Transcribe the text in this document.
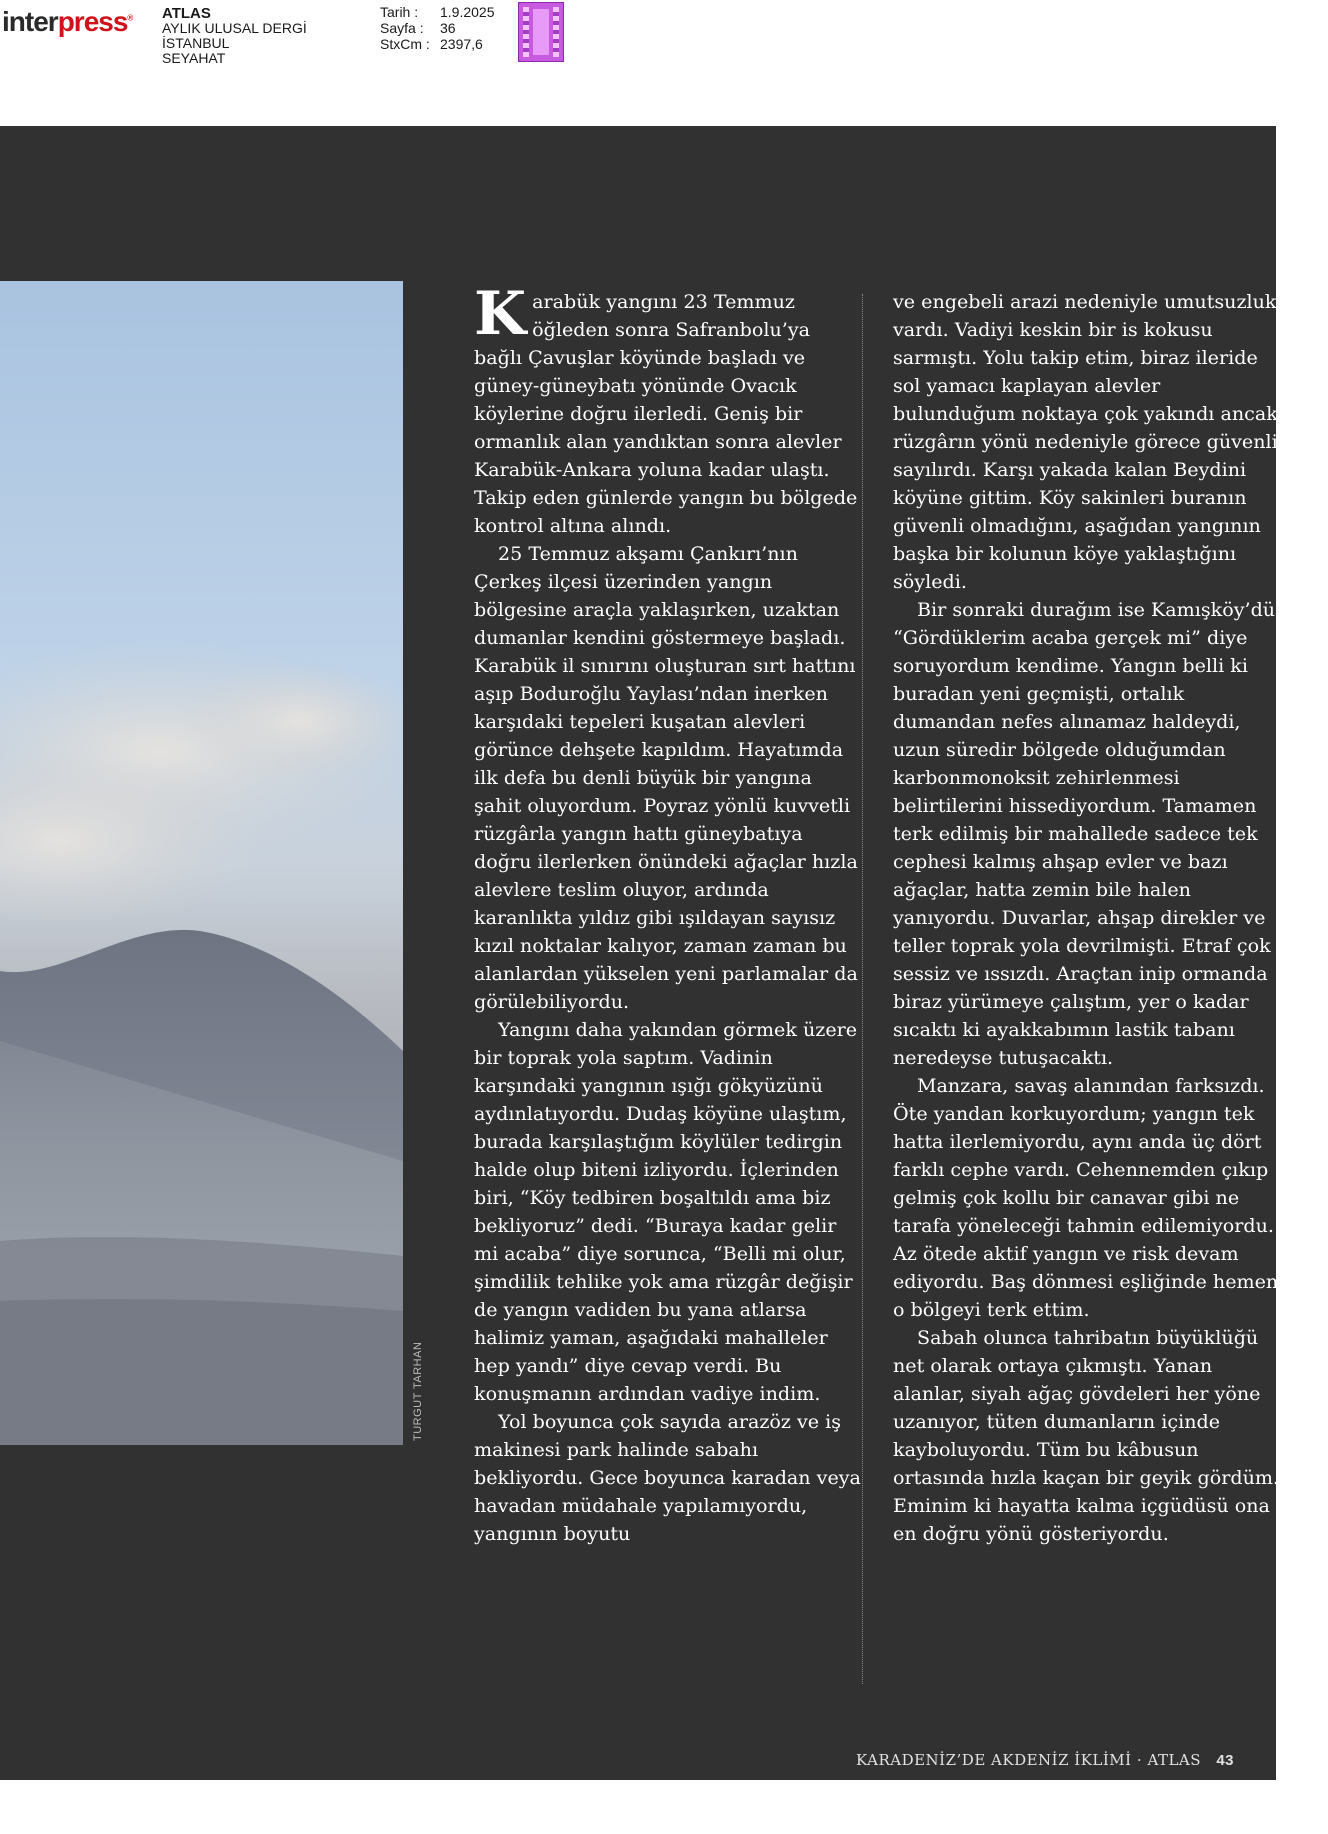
interpress® ATLAS
AYLIK ULUSAL DERGİ
İSTANBUL
SEYAHAT
Tarih :	1.9.2025
Sayfa :	36
StxCm : 2397,6
TURGUT TARHAN

Karabük yangını 23 Temmuz öğleden sonra Safranbolu’ya bağlı Çavuşlar köyünde başladı ve güney-güneybatı yönünde Ovacık köylerine doğru ilerledi. Geniş bir ormanlık alan yandıktan sonra alevler Karabük-Ankara yoluna kadar ulaştı. Takip eden günlerde yangın bu bölgede kontrol altına alındı.

25 Temmuz akşamı Çankırı’nın Çerkeş ilçesi üzerinden yangın bölgesine araçla yaklaşırken, uzaktan dumanlar kendini göstermeye başladı. Karabük il sınırını oluşturan sırt hattını aşıp Boduroğlu Yaylası’ndan inerken karşıdaki tepeleri kuşatan alevleri görünce dehşete kapıldım. Hayatımda ilk defa bu denli büyük bir yangına şahit oluyordum. Poyraz yönlü kuvvetli rüzgârla yangın hattı güneybatıya doğru ilerlerken önündeki ağaçlar hızla alevlere teslim oluyor, ardında karanlıkta yıldız gibi ışıldayan sayısız kızıl noktalar kalıyor, zaman zaman bu alanlardan yükselen yeni parlamalar da görülebiliyordu.

Yangını daha yakından görmek üzere bir toprak yola saptım. Vadinin karşındaki yangının ışığı gökyüzünü aydınlatıyordu. Dudaş köyüne ulaştım, burada karşılaştığım köylüler tedirgin halde olup biteni izliyordu. İçlerinden biri, “Köy tedbiren boşaltıldı ama biz bekliyoruz” dedi. “Buraya kadar gelir mi acaba” diye sorunca, “Belli mi olur, şimdilik tehlike yok ama rüzgâr değişir de yangın vadiden bu yana atlarsa halimiz yaman, aşağıdaki mahalleler hep yandı” diye cevap verdi. Bu konuşmanın ardından vadiye indim.

Yol boyunca çok sayıda arazöz ve iş makinesi park halinde sabahı bekliyordu. Gece boyunca karadan veya havadan müdahale yapılamıyordu, yangının boyutu

ve engebeli arazi nedeniyle umutsuzluk vardı. Vadiyi keskin bir is kokusu sarmıştı. Yolu takip etim, biraz ileride sol yamacı kaplayan alevler bulunduğum noktaya çok yakındı ancak rüzgârın yönü nedeniyle görece güvenli sayılırdı. Karşı yakada kalan Beydini köyüne gittim. Köy sakinleri buranın güvenli olmadığını, aşağıdan yangının başka bir kolunun köye yaklaştığını söyledi.

Bir sonraki durağım ise Kamışköy’dü. “Gördüklerim acaba gerçek mi” diye soruyordum kendime. Yangın belli ki buradan yeni geçmişti, ortalık dumandan nefes alınamaz haldeydi, uzun süredir bölgede olduğumdan karbonmonoksit zehirlenmesi belirtilerini hissediyordum. Tamamen terk edilmiş bir mahallede sadece tek cephesi kalmış ahşap evler ve bazı ağaçlar, hatta zemin bile halen yanıyordu. Duvarlar, ahşap direkler ve teller toprak yola devrilmişti. Etraf çok sessiz ve ıssızdı. Araçtan inip ormanda biraz yürümeye çalıştım, yer o kadar sıcaktı ki ayakkabımın lastik tabanı neredeyse tutuşacaktı.

Manzara, savaş alanından farksızdı. Öte yandan korkuyordum; yangın tek hatta ilerlemiyordu, aynı anda üç dört farklı cephe vardı. Cehennemden çıkıp gelmiş çok kollu bir canavar gibi ne tarafa yöneleceği tahmin edilemiyordu. Az ötede aktif yangın ve risk devam ediyordu. Baş dönmesi eşliğinde hemen o bölgeyi terk ettim.

Sabah olunca tahribatın büyüklüğü net olarak ortaya çıkmıştı. Yanan alanlar, siyah ağaç gövdeleri her yöne uzanıyor, tüten dumanların içinde kayboluyordu. Tüm bu kâbusun ortasında hızla kaçan bir geyik gördüm. Eminim ki hayatta kalma içgüdüsü ona en doğru yönü gösteriyordu.

KARADENİZ’DE AKDENİZ İKLİMİ · ATLAS 43
